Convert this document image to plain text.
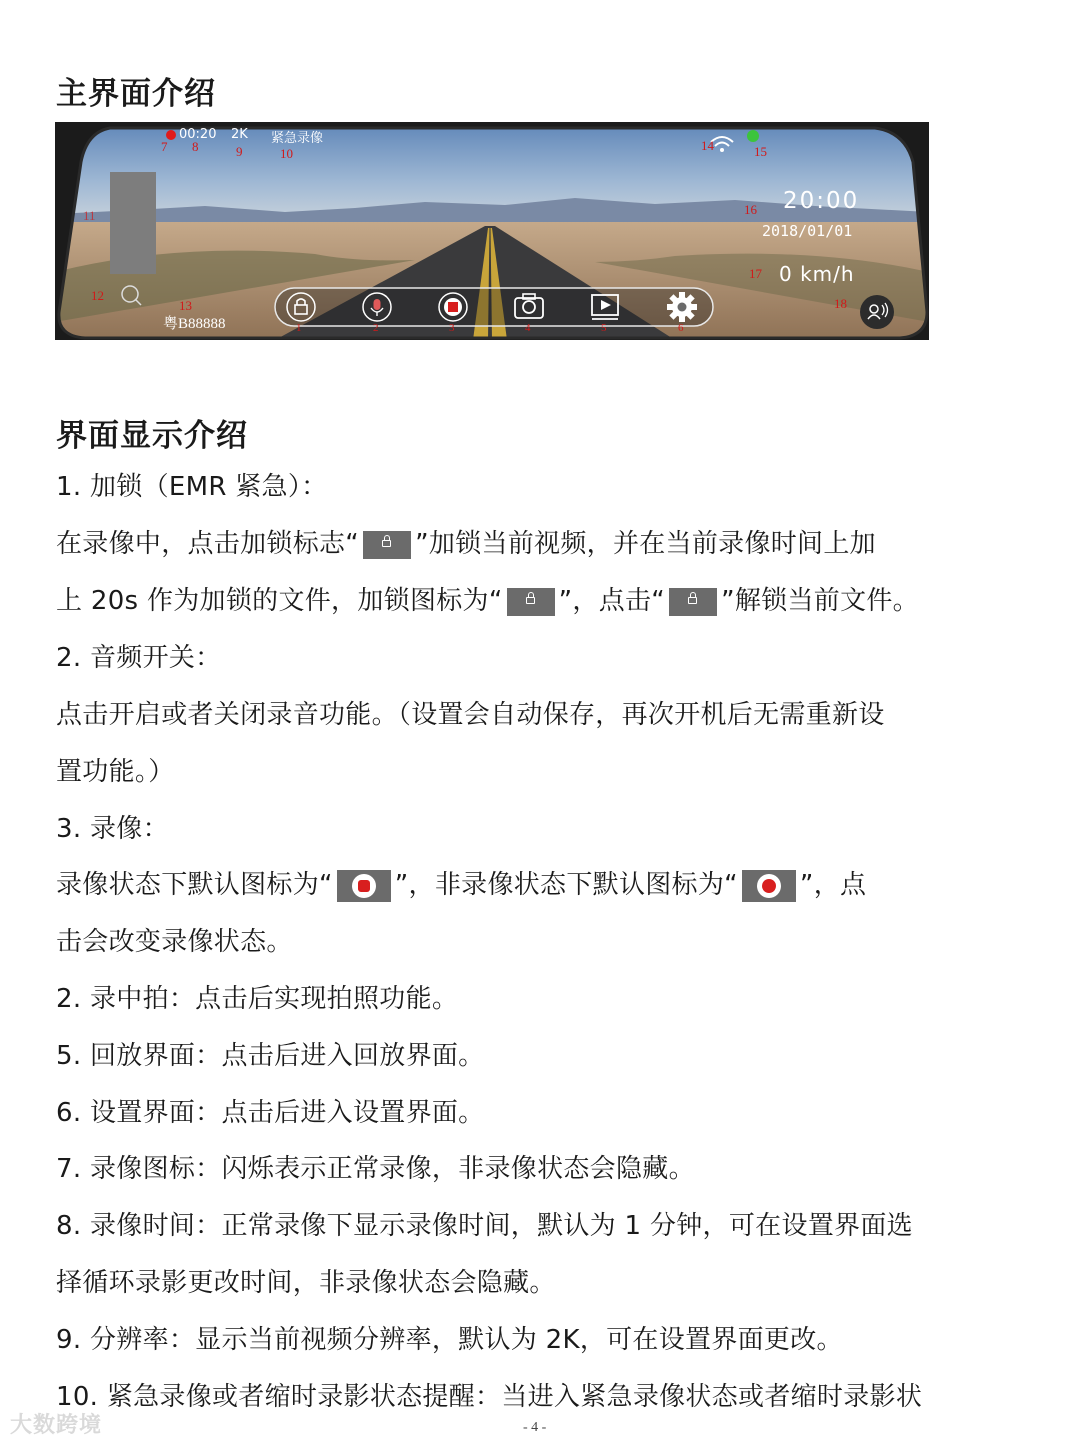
主界面介绍
00:20 2K 紧急录像
20:00
2018/01/01
0 km/h
粤B88888	1	2	3	4	5	6
7 8	9	10
11
12
13
14	15
16
17
18
界面显示介绍

1. 加锁（EMR 紧急）：

在录像中，点击加锁标志“ ”加锁当前视频，并在当前录像时间上加

上 20s 作为加锁的文件，加锁图标为“ ”，点击“ ”解锁当前文件。

2. 音频开关：

点击开启或者关闭录音功能。（设置会自动保存，再次开机后无需重新设

置功能。）

3. 录像：

录像状态下默认图标为“ ”，非录像状态下默认图标为“ ”，点

击会改变录像状态。

2. 录中拍：点击后实现拍照功能。

5. 回放界面：点击后进入回放界面。

6. 设置界面：点击后进入设置界面。

7. 录像图标：闪烁表示正常录像，非录像状态会隐藏。

8. 录像时间：正常录像下显示录像时间，默认为 1 分钟，可在设置界面选

择循环录影更改时间，非录像状态会隐藏。

9. 分辨率：显示当前视频分辨率，默认为 2K，可在设置界面更改。

10. 紧急录像或者缩时录影状态提醒：当进入紧急录像状态或者缩时录影状

大数跨境	- 4 -
